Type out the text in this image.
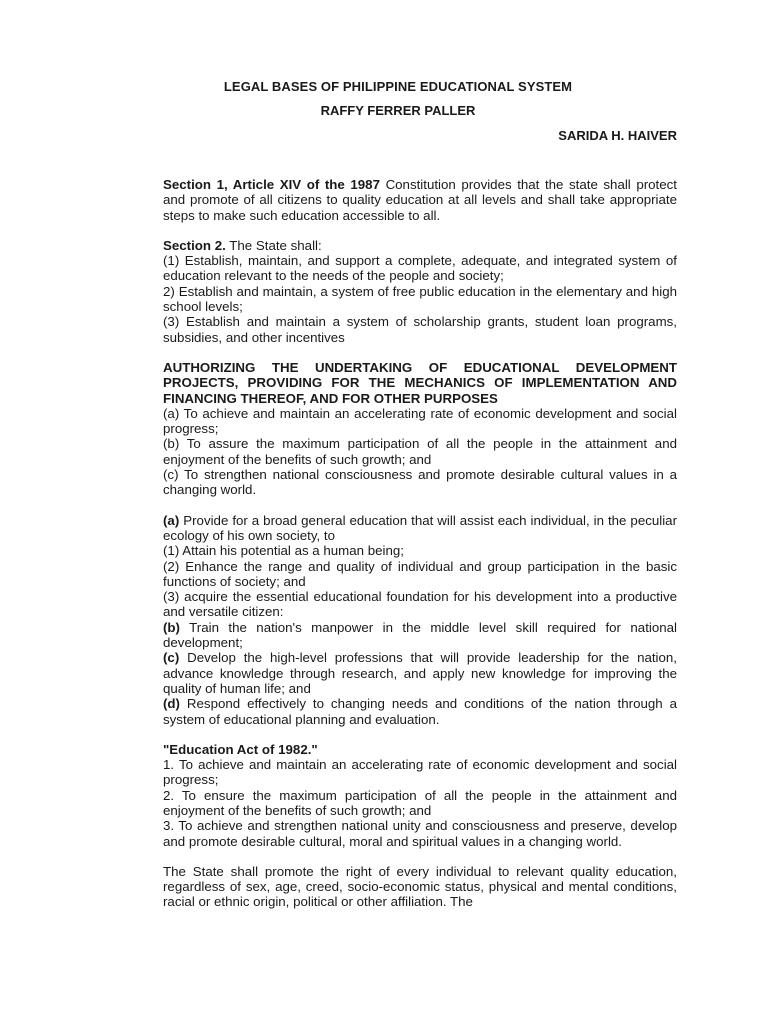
LEGAL BASES OF PHILIPPINE EDUCATIONAL SYSTEM
RAFFY FERRER PALLER
SARIDA H. HAIVER

Section 1, Article XIV of the 1987 Constitution provides that the state shall protect and promote of all citizens to quality education at all levels and shall take appropriate steps to make such education accessible to all.

Section 2. The State shall:

(1) Establish, maintain, and support a complete, adequate, and integrated system of education relevant to the needs of the people and society;

2) Establish and maintain, a system of free public education in the elementary and high school levels;

(3) Establish and maintain a system of scholarship grants, student loan programs, subsidies, and other incentives

AUTHORIZING THE UNDERTAKING OF EDUCATIONAL DEVELOPMENT PROJECTS, PROVIDING FOR THE MECHANICS OF IMPLEMENTATION AND FINANCING THEREOF, AND FOR OTHER PURPOSES

(a) To achieve and maintain an accelerating rate of economic development and social progress;

(b) To assure the maximum participation of all the people in the attainment and enjoyment of the benefits of such growth; and

(c) To strengthen national consciousness and promote desirable cultural values in a changing world.

(a) Provide for a broad general education that will assist each individual, in the peculiar ecology of his own society, to

(1) Attain his potential as a human being;

(2) Enhance the range and quality of individual and group participation in the basic functions of society; and

(3) acquire the essential educational foundation for his development into a productive and versatile citizen:

(b) Train the nation's manpower in the middle level skill required for national development;

(c) Develop the high-level professions that will provide leadership for the nation, advance knowledge through research, and apply new knowledge for improving the quality of human life; and

(d) Respond effectively to changing needs and conditions of the nation through a system of educational planning and evaluation.

"Education Act of 1982."

1. To achieve and maintain an accelerating rate of economic development and social progress;

2. To ensure the maximum participation of all the people in the attainment and enjoyment of the benefits of such growth; and

3. To achieve and strengthen national unity and consciousness and preserve, develop and promote desirable cultural, moral and spiritual values in a changing world.

The State shall promote the right of every individual to relevant quality education, regardless of sex, age, creed, socio-economic status, physical and mental conditions, racial or ethnic origin, political or other affiliation. The
